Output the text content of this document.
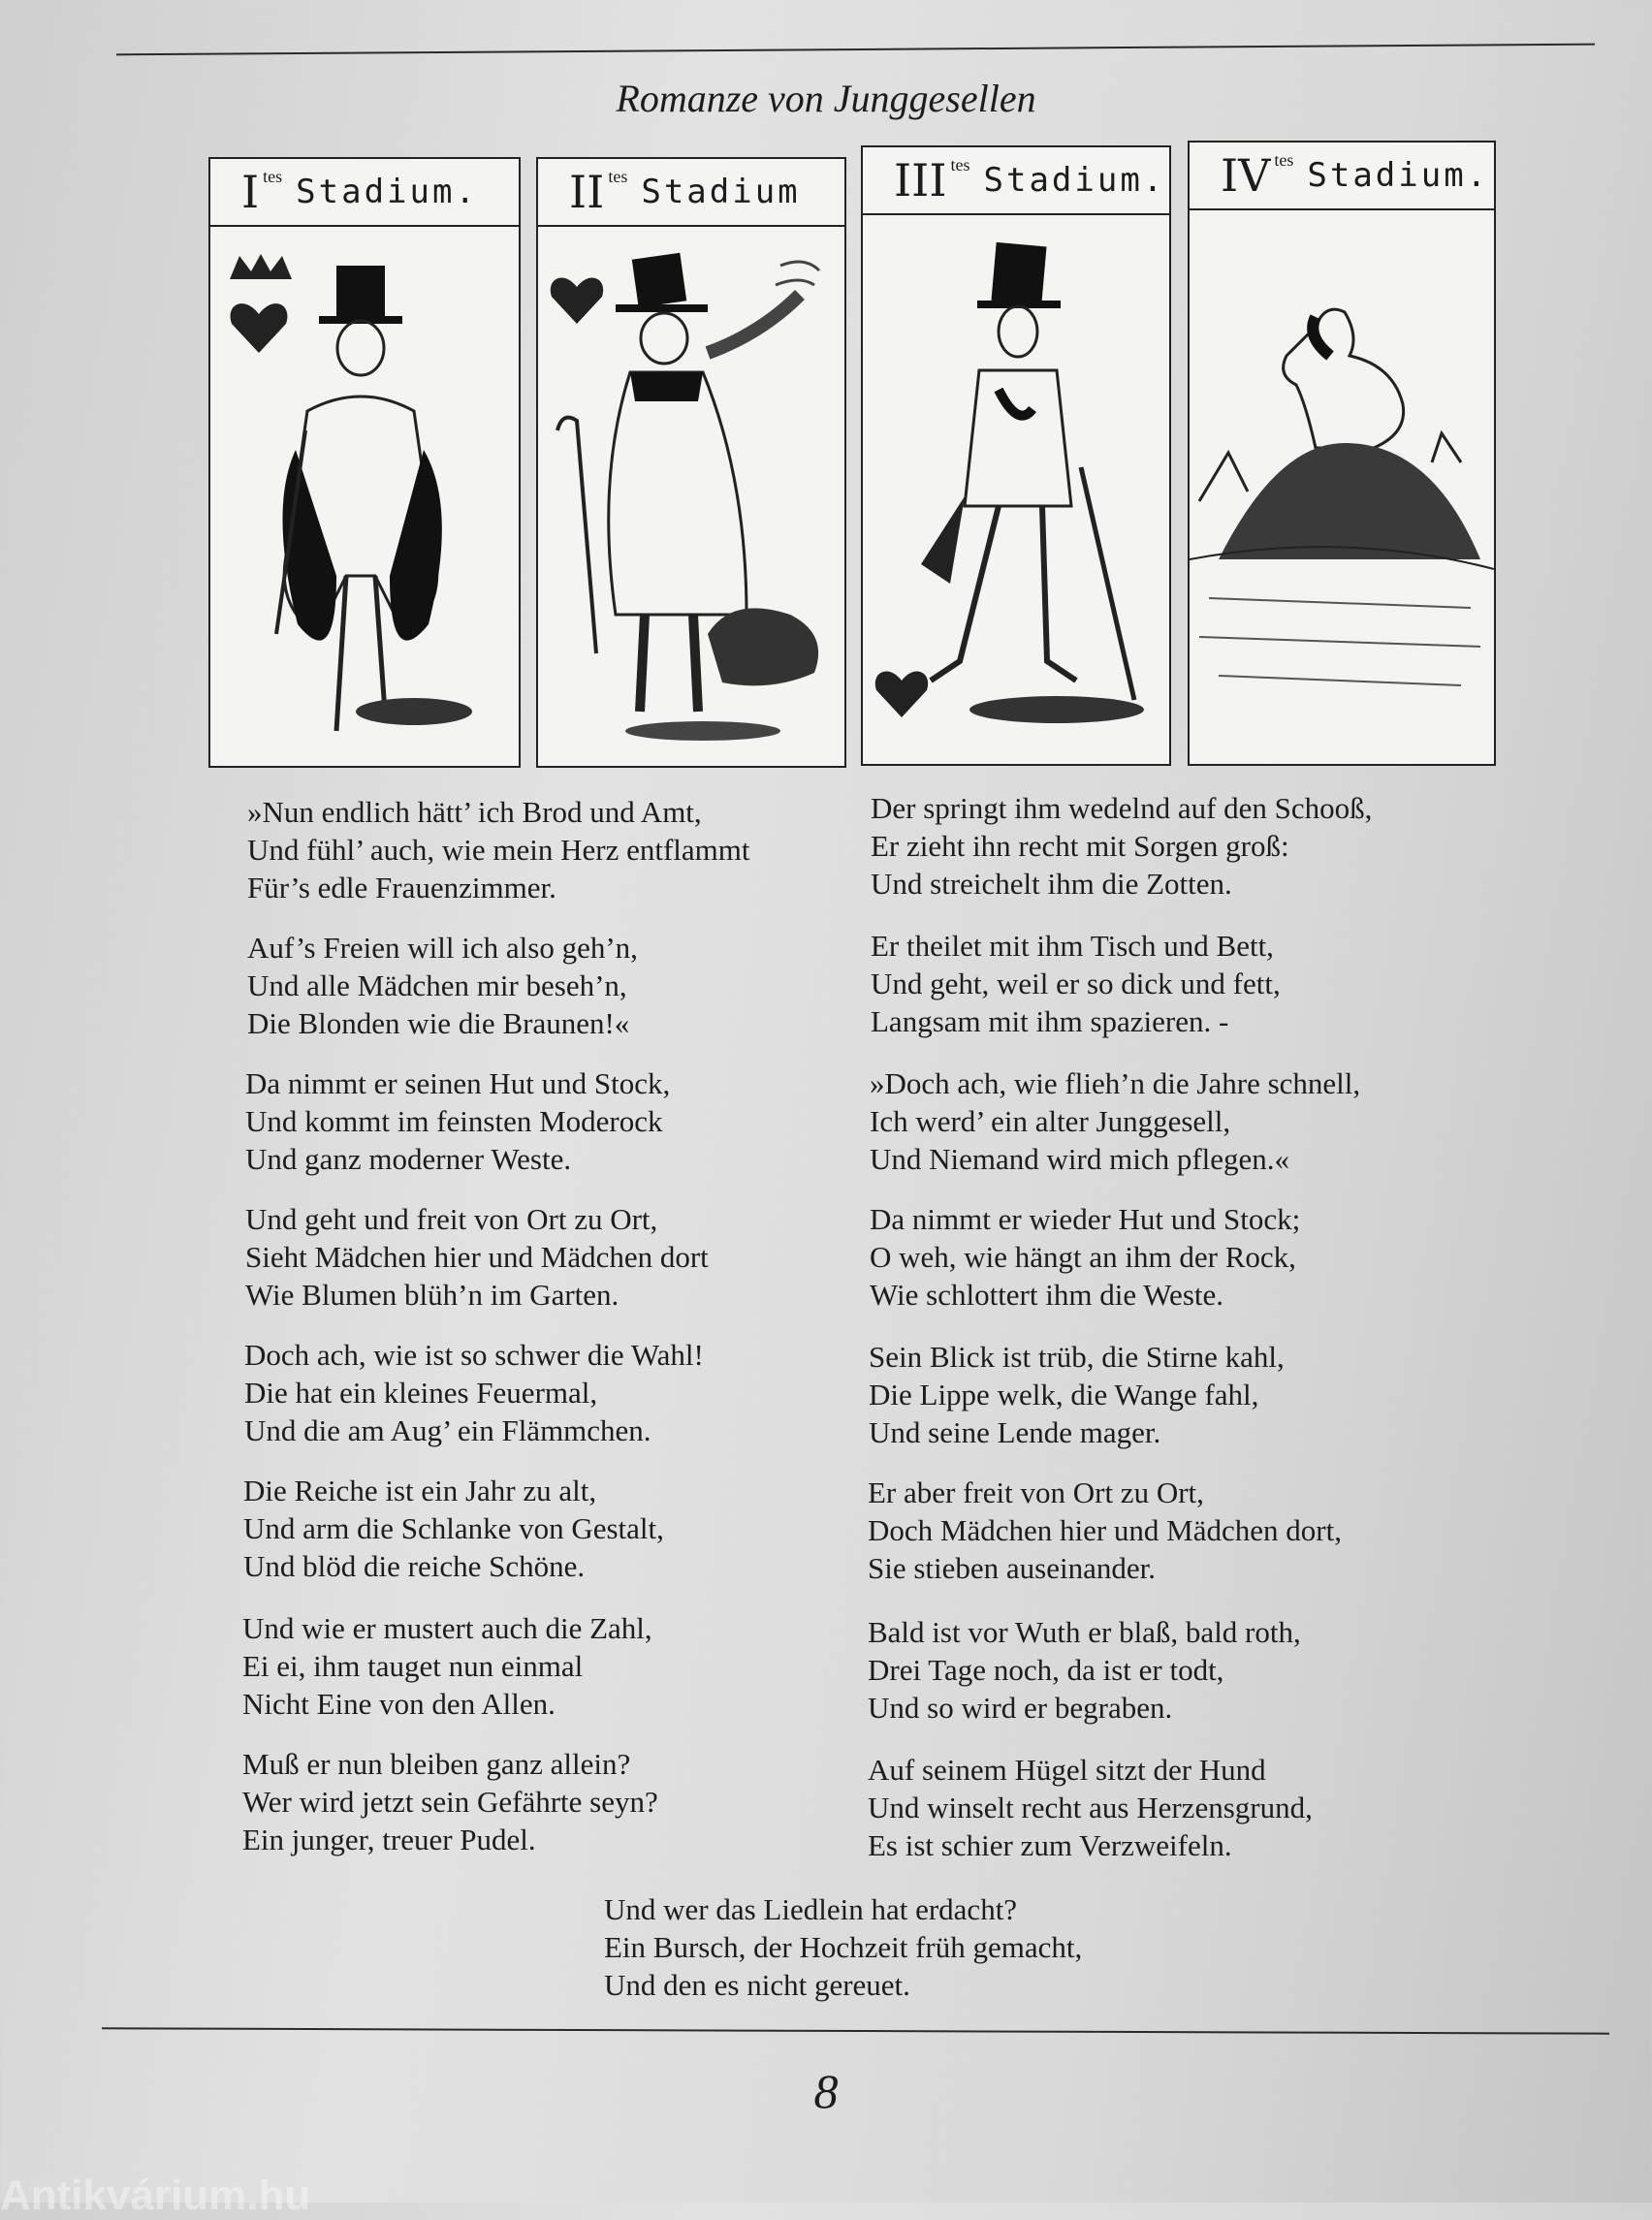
Romanze von Junggesellen
I tes Stadium. II tes Stadium III tes Stadium. IV tes Stadium.
»Nun endlich hätt’ ich Brod und Amt,
Und fühl’ auch, wie mein Herz entflammt
Für’s edle Frauenzimmer.
Auf’s Freien will ich also geh’n,
Und alle Mädchen mir beseh’n,
Die Blonden wie die Braunen!«
Da nimmt er seinen Hut und Stock,
Und kommt im feinsten Moderock
Und ganz moderner Weste.
Und geht und freit von Ort zu Ort,
Sieht Mädchen hier und Mädchen dort
Wie Blumen blüh’n im Garten.
Doch ach, wie ist so schwer die Wahl!
Die hat ein kleines Feuermal,
Und die am Aug’ ein Flämmchen.
Die Reiche ist ein Jahr zu alt,
Und arm die Schlanke von Gestalt,
Und blöd die reiche Schöne.
Und wie er mustert auch die Zahl,
Ei ei, ihm tauget nun einmal
Nicht Eine von den Allen.
Muß er nun bleiben ganz allein?
Wer wird jetzt sein Gefährte seyn?
Ein junger, treuer Pudel.
Der springt ihm wedelnd auf den Schooß,
Er zieht ihn recht mit Sorgen groß:
Und streichelt ihm die Zotten.
Er theilet mit ihm Tisch und Bett,
Und geht, weil er so dick und fett,
Langsam mit ihm spazieren. -
»Doch ach, wie flieh’n die Jahre schnell,
Ich werd’ ein alter Junggesell,
Und Niemand wird mich pflegen.«
Da nimmt er wieder Hut und Stock;
O weh, wie hängt an ihm der Rock,
Wie schlottert ihm die Weste.
Sein Blick ist trüb, die Stirne kahl,
Die Lippe welk, die Wange fahl,
Und seine Lende mager.
Er aber freit von Ort zu Ort,
Doch Mädchen hier und Mädchen dort,
Sie stieben auseinander.
Bald ist vor Wuth er blaß, bald roth,
Drei Tage noch, da ist er todt,
Und so wird er begraben.
Auf seinem Hügel sitzt der Hund
Und winselt recht aus Herzensgrund,
Es ist schier zum Verzweifeln.
Und wer das Liedlein hat erdacht?
Ein Bursch, der Hochzeit früh gemacht,
Und den es nicht gereuet.
8
Antikvárium.hu
